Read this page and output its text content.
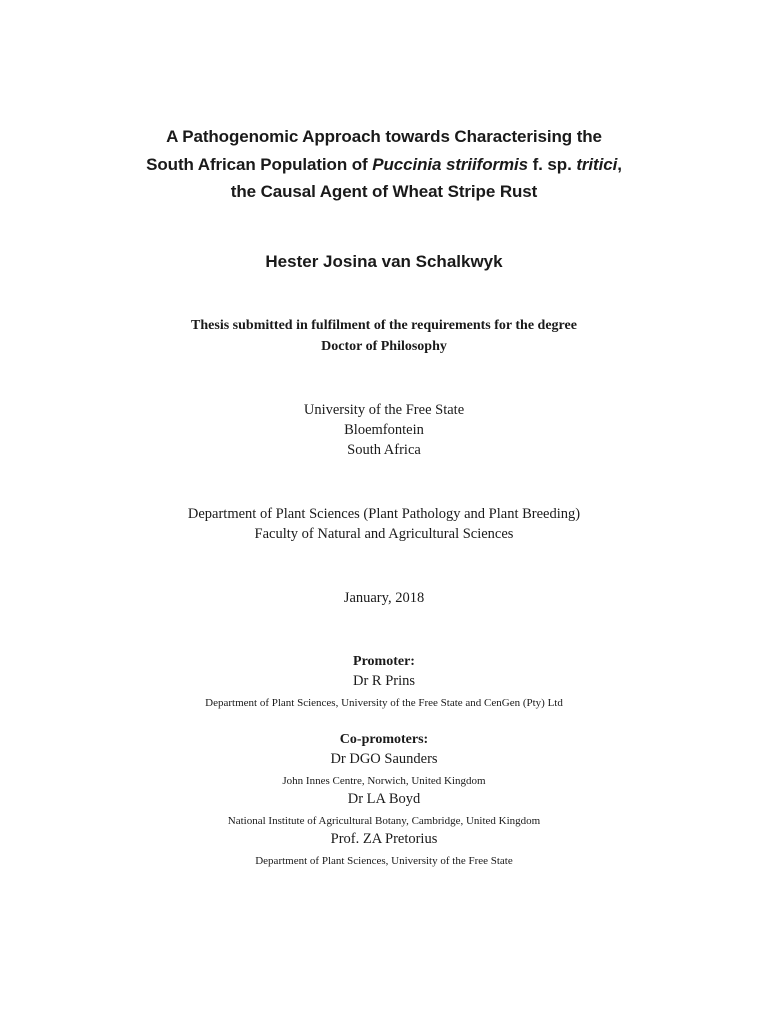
A Pathogenomic Approach towards Characterising the
South African Population of Puccinia striiformis f. sp. tritici,
the Causal Agent of Wheat Stripe Rust
Hester Josina van Schalkwyk
Thesis submitted in fulfilment of the requirements for the degree
Doctor of Philosophy
University of the Free State
Bloemfontein
South Africa
Department of Plant Sciences (Plant Pathology and Plant Breeding)
Faculty of Natural and Agricultural Sciences
January, 2018
Promoter:
Dr R Prins
Department of Plant Sciences, University of the Free State and CenGen (Pty) Ltd
Co-promoters:
Dr DGO Saunders
John Innes Centre, Norwich, United Kingdom
Dr LA Boyd
National Institute of Agricultural Botany, Cambridge, United Kingdom
Prof. ZA Pretorius
Department of Plant Sciences, University of the Free State
